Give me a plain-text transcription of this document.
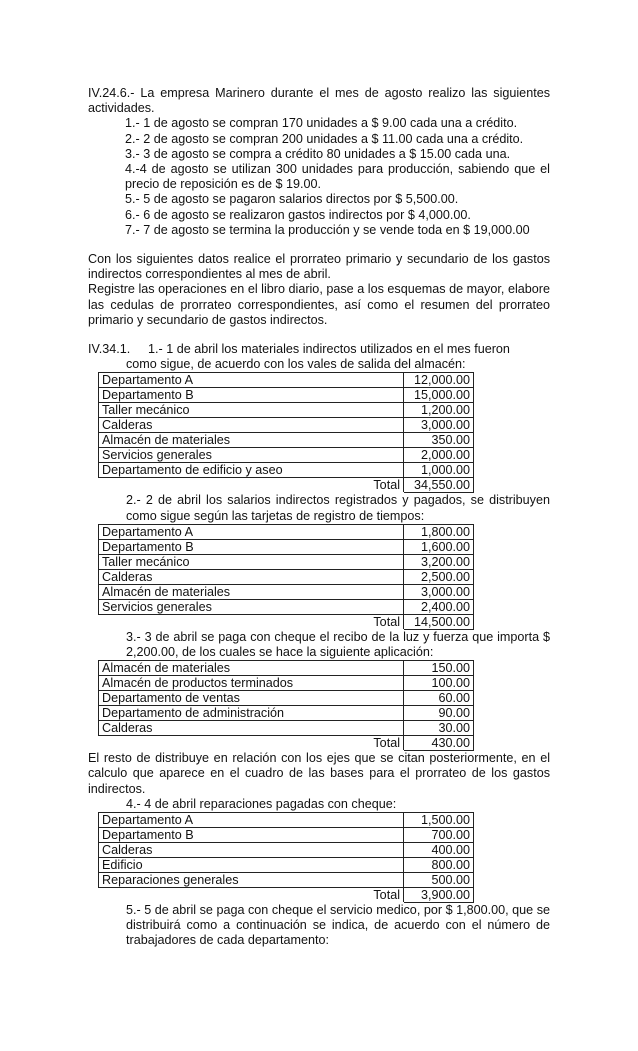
IV.24.6.- La empresa Marinero durante el mes de agosto realizo las siguientes actividades.

1.- 1 de agosto se compran 170 unidades a $ 9.00 cada una a crédito.

2.- 2 de agosto se compran 200 unidades a $ 11.00 cada una a crédito.

3.- 3 de agosto se compra a crédito 80 unidades a $ 15.00 cada una.

4.-4 de agosto se utilizan 300 unidades para producción, sabiendo que el precio de reposición es de $ 19.00.

5.- 5 de agosto se pagaron salarios directos por $ 5,500.00.

6.- 6 de agosto se realizaron gastos indirectos por $ 4,000.00.

7.- 7 de agosto se termina la producción y se vende toda en $ 19,000.00

Con los siguientes datos realice el prorrateo primario y secundario de los gastos indirectos correspondientes al mes de abril.

Registre las operaciones en el libro diario, pase a los esquemas de mayor, elabore las cedulas de prorrateo correspondientes, así como el resumen del prorrateo primario y secundario de gastos indirectos.

IV.34.1.	1.- 1 de abril los materiales indirectos utilizados en el mes fueron

como sigue, de acuerdo con los vales de salida del almacén:

Departamento A	12,000.00
Departamento B	15,000.00
Taller mecánico	1,200.00
Calderas	3,000.00
Almacén de materiales	350.00
Servicios generales	2,000.00
Departamento de edificio y aseo	1,000.00
Total	34,550.00

2.- 2 de abril los salarios indirectos registrados y pagados, se distribuyen como sigue según las tarjetas de registro de tiempos:

Departamento A	1,800.00
Departamento B	1,600.00
Taller mecánico	3,200.00
Calderas	2,500.00
Almacén de materiales	3,000.00
Servicios generales	2,400.00
Total	14,500.00

3.- 3 de abril se paga con cheque el recibo de la luz y fuerza que importa $ 2,200.00, de los cuales se hace la siguiente aplicación:

Almacén de materiales	150.00
Almacén de productos terminados	100.00
Departamento de ventas	60.00
Departamento de administración	90.00
Calderas	30.00
Total	430.00

El resto de distribuye en relación con los ejes que se citan posteriormente, en el calculo que aparece en el cuadro de las bases para el prorrateo de los gastos indirectos.

4.- 4 de abril reparaciones pagadas con cheque:

Departamento A	1,500.00
Departamento B	700.00
Calderas	400.00
Edificio	800.00
Reparaciones generales	500.00
Total	3,900.00

5.- 5 de abril se paga con cheque el servicio medico, por $ 1,800.00, que se distribuirá como a continuación se indica, de acuerdo con el número de trabajadores de cada departamento:
